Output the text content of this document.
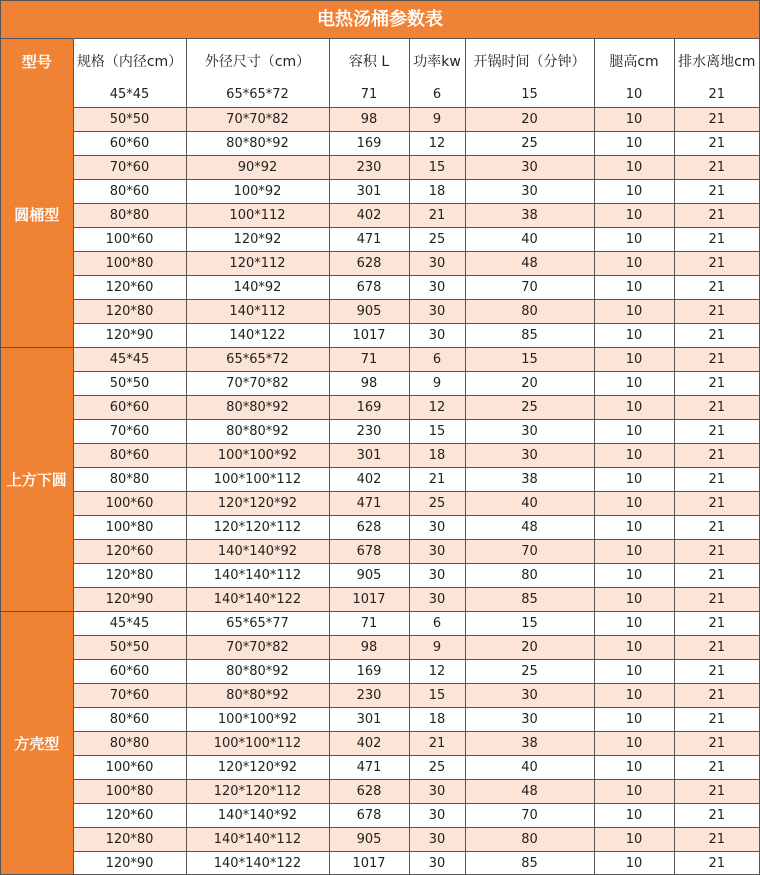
电热汤桶参数表
型号	规格（内径cm）	外径尺寸（cm）	容积 L	功率kw	开锅时间（分钟）	腿高cm	排水离地cm
圆桶型	45*45	65*65*72	71	6	15	10	21
	50*50	70*70*82	98	9	20	10	21
	60*60	80*80*92	169	12	25	10	21
	70*60	90*92	230	15	30	10	21
	80*60	100*92	301	18	30	10	21
	80*80	100*112	402	21	38	10	21
	100*60	120*92	471	25	40	10	21
	100*80	120*112	628	30	48	10	21
	120*60	140*92	678	30	70	10	21
	120*80	140*112	905	30	80	10	21
	120*90	140*122	1017	30	85	10	21
上方下圆	45*45	65*65*72	71	6	15	10	21
	50*50	70*70*82	98	9	20	10	21
	60*60	80*80*92	169	12	25	10	21
	70*60	80*80*92	230	15	30	10	21
	80*60	100*100*92	301	18	30	10	21
	80*80	100*100*112	402	21	38	10	21
	100*60	120*120*92	471	25	40	10	21
	100*80	120*120*112	628	30	48	10	21
	120*60	140*140*92	678	30	70	10	21
	120*80	140*140*112	905	30	80	10	21
	120*90	140*140*122	1017	30	85	10	21
方壳型	45*45	65*65*77	71	6	15	10	21
	50*50	70*70*82	98	9	20	10	21
	60*60	80*80*92	169	12	25	10	21
	70*60	80*80*92	230	15	30	10	21
	80*60	100*100*92	301	18	30	10	21
	80*80	100*100*112	402	21	38	10	21
	100*60	120*120*92	471	25	40	10	21
	100*80	120*120*112	628	30	48	10	21
	120*60	140*140*92	678	30	70	10	21
	120*80	140*140*112	905	30	80	10	21
	120*90	140*140*122	1017	30	85	10	21
